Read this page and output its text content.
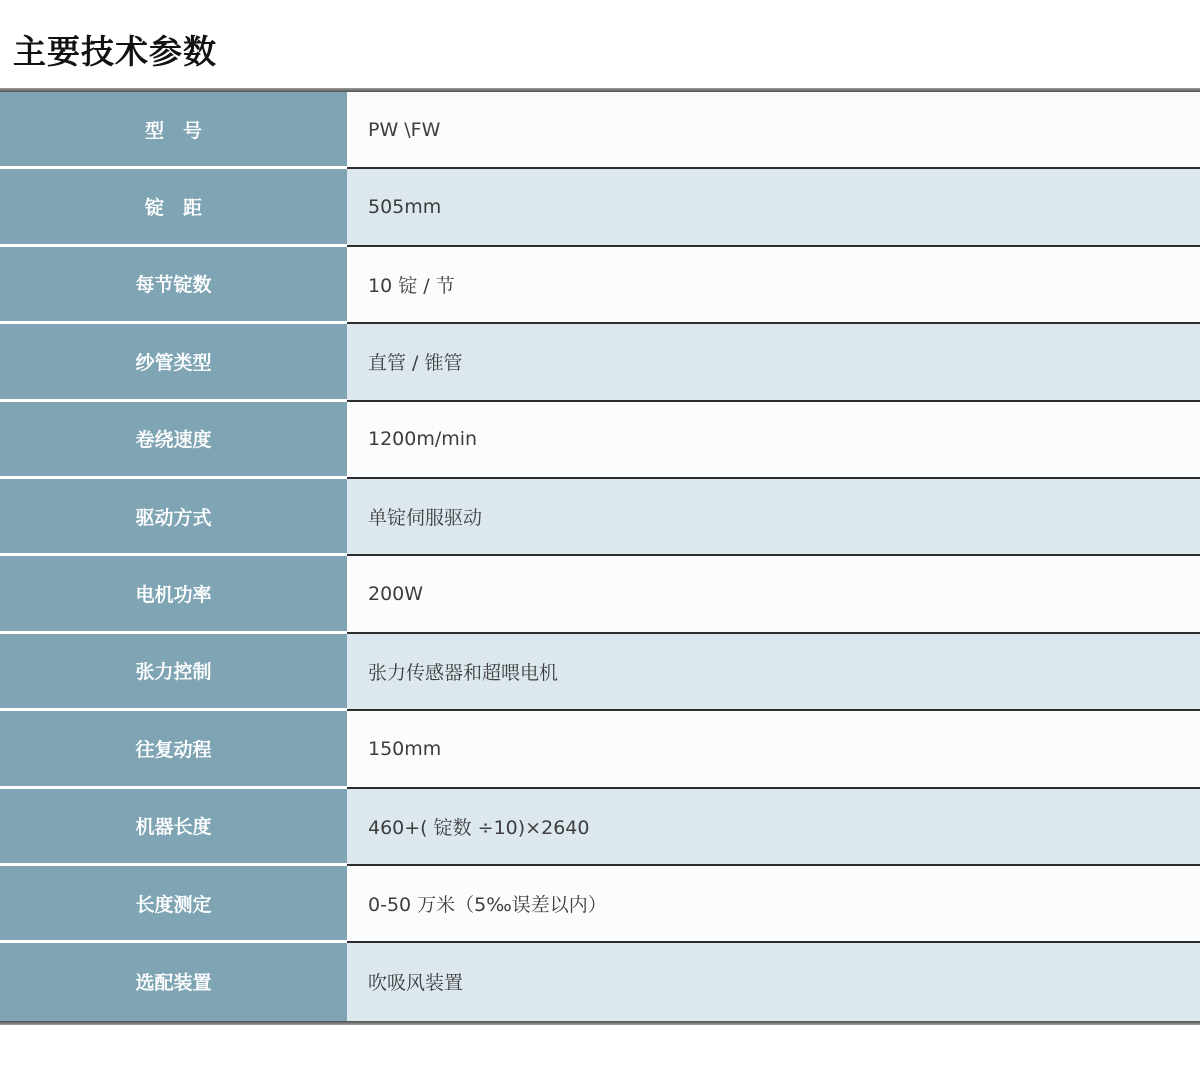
主要技术参数
型　号	PW \FW
锭　距	505mm
每节锭数	10 锭 / 节
纱管类型	直管 / 锥管
卷绕速度	1200m/min
驱动方式	单锭伺服驱动
电机功率	200W
张力控制	张力传感器和超喂电机
往复动程	150mm
机器长度	460+( 锭数 ÷10)×2640
长度测定	0-50 万米（5‰误差以内）
选配装置	吹吸风装置
